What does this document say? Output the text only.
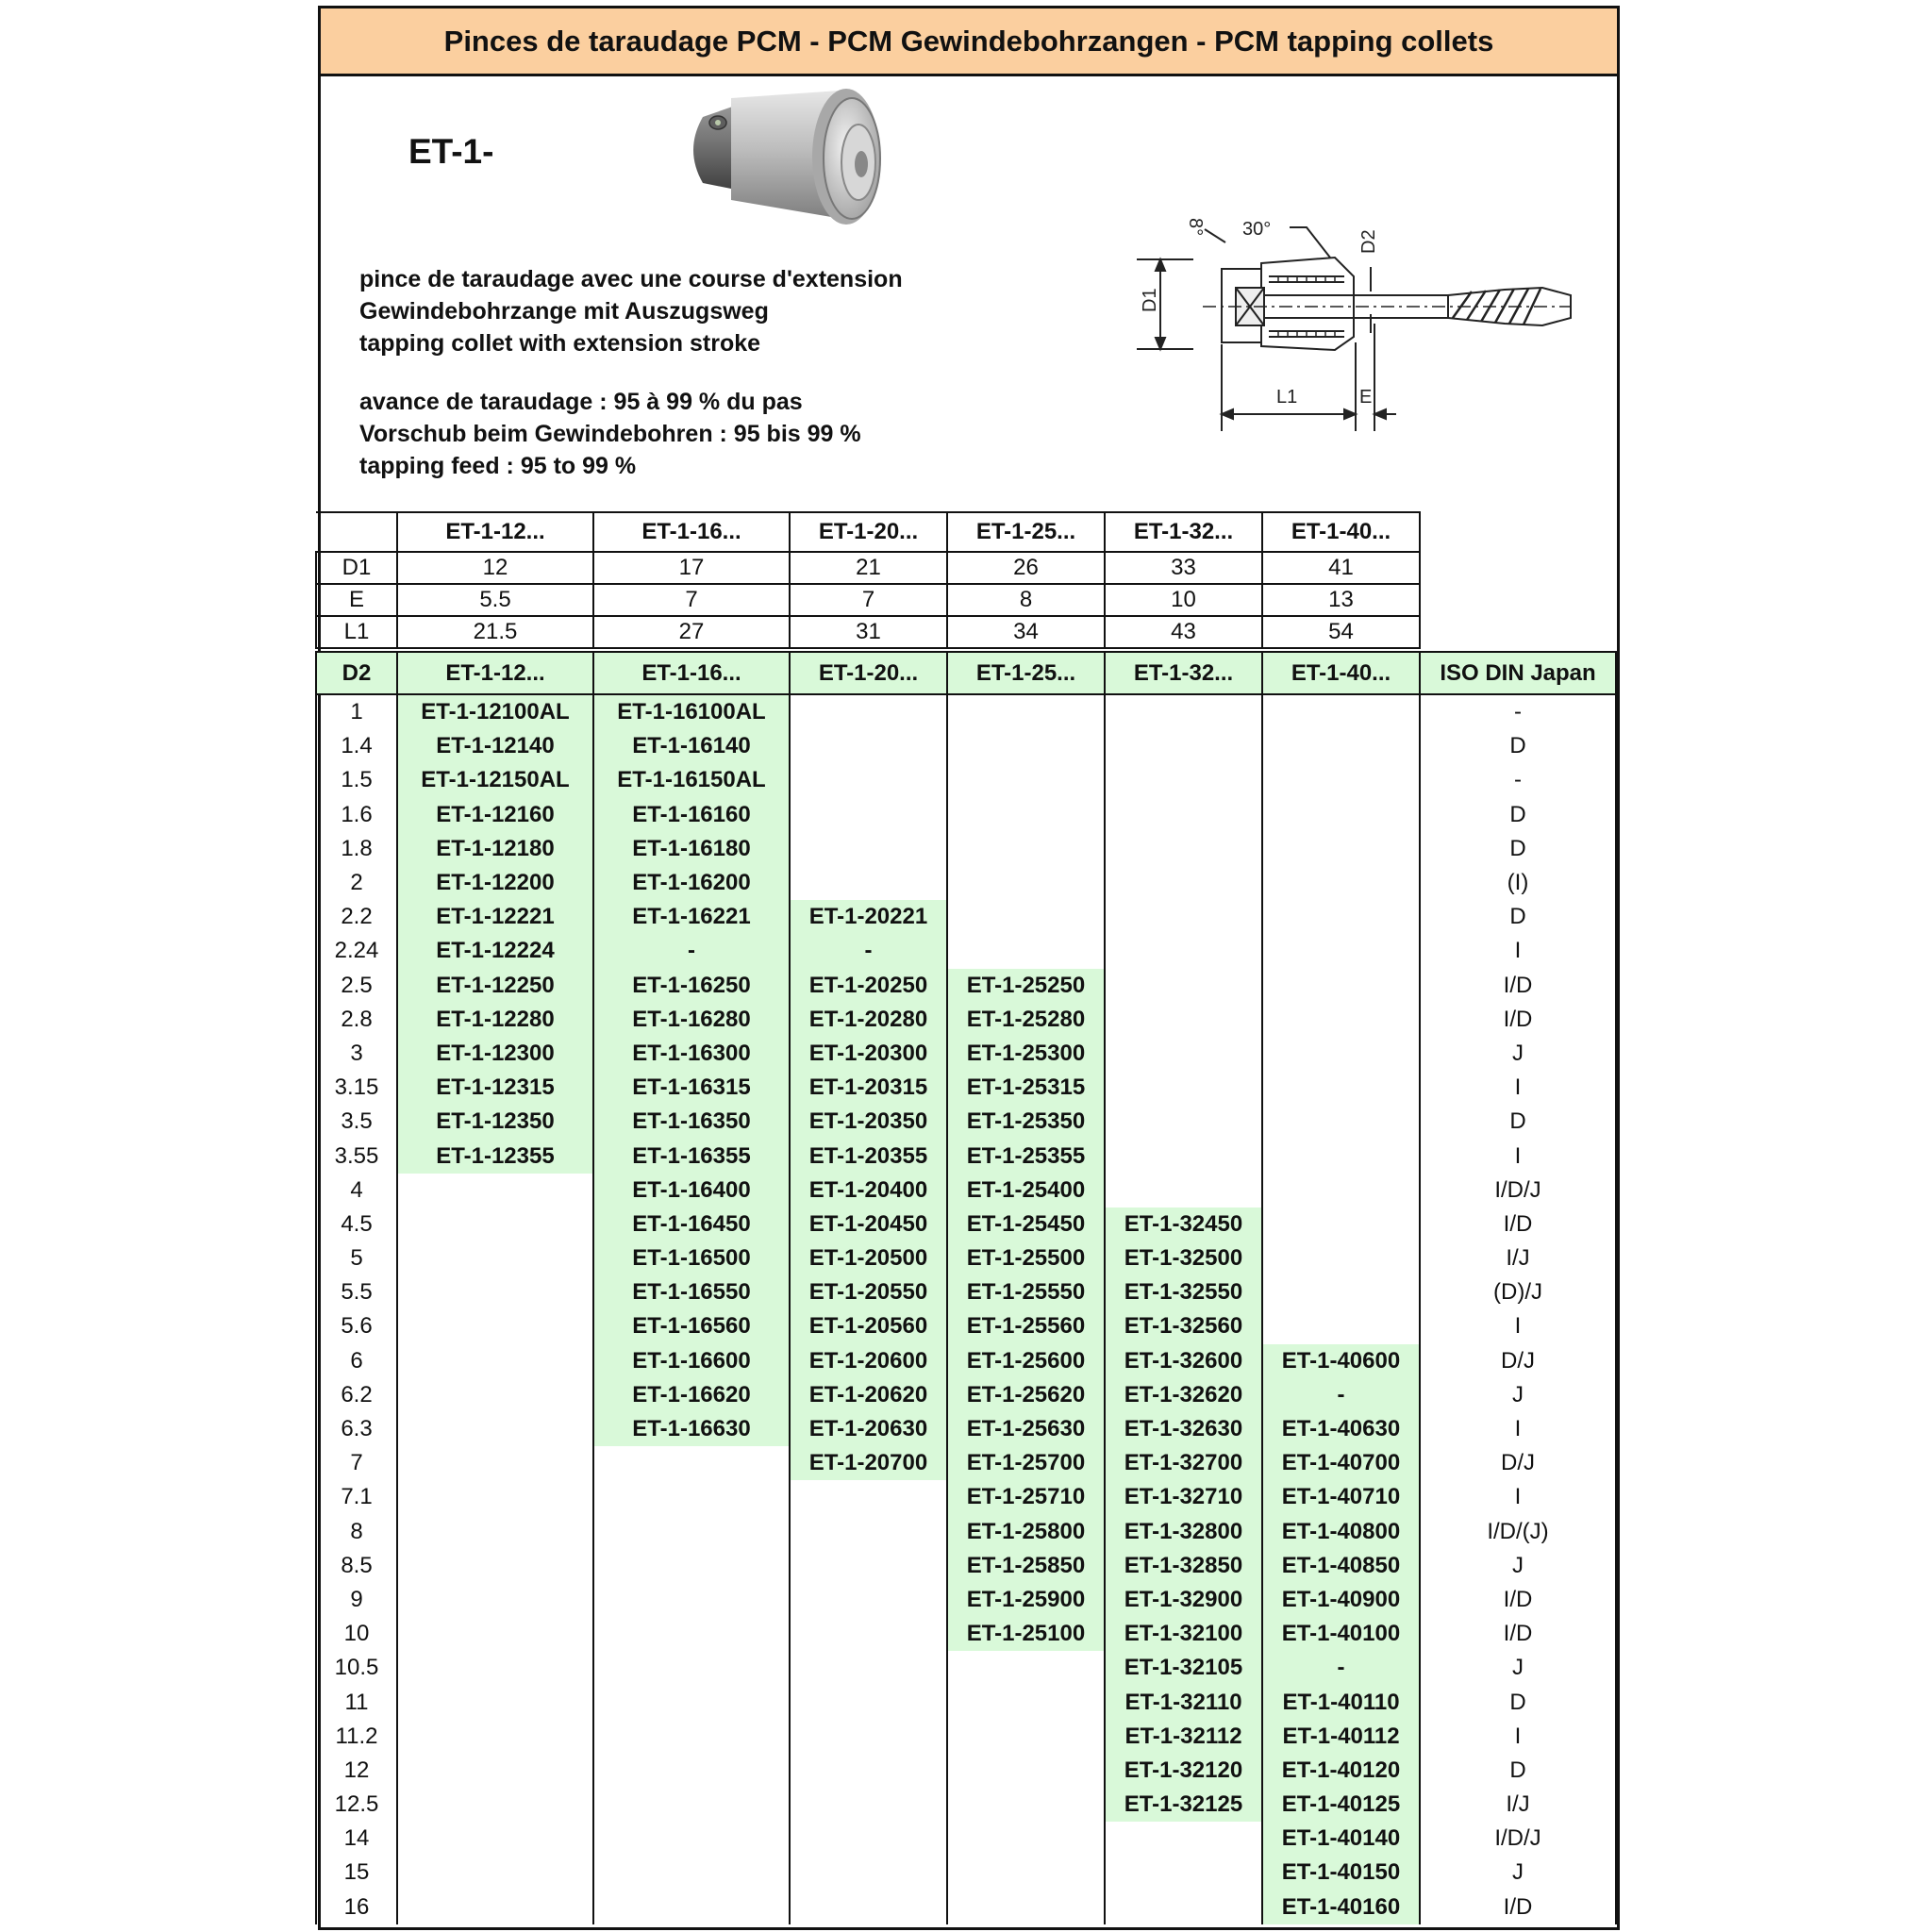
Pinces de taraudage PCM - PCM Gewindebohrzangen - PCM tapping collets
ET-1-
pince de taraudage avec une course d'extension
Gewindebohrzange mit Auszugsweg
tapping collet with extension stroke
avance de taraudage : 95 à 99 % du pas
Vorschub beim Gewindebohren : 95 bis 99 %
tapping feed : 95 to 99 %
8° 30°
D2
D1
L1	E
	ET-1-12...	ET-1-16...	ET-1-20...	ET-1-25...	ET-1-32...	ET-1-40...
D1	12	17	21	26	33	41
E	5.5	7	7	8	10	13
L1	21.5	27	31	34	43	54
D2	ET-1-12...	ET-1-16...	ET-1-20...	ET-1-25...	ET-1-32...	ET-1-40...	ISO DIN Japan
1	ET-1-12100AL	ET-1-16100AL					-
1.4	ET-1-12140	ET-1-16140					D
1.5	ET-1-12150AL	ET-1-16150AL					-
1.6	ET-1-12160	ET-1-16160					D
1.8	ET-1-12180	ET-1-16180					D
2	ET-1-12200	ET-1-16200					(I)
2.2	ET-1-12221	ET-1-16221	ET-1-20221				D
2.24	ET-1-12224	-	-				I
2.5	ET-1-12250	ET-1-16250	ET-1-20250	ET-1-25250			I/D
2.8	ET-1-12280	ET-1-16280	ET-1-20280	ET-1-25280			I/D
3	ET-1-12300	ET-1-16300	ET-1-20300	ET-1-25300			J
3.15	ET-1-12315	ET-1-16315	ET-1-20315	ET-1-25315			I
3.5	ET-1-12350	ET-1-16350	ET-1-20350	ET-1-25350			D
3.55	ET-1-12355	ET-1-16355	ET-1-20355	ET-1-25355			I
4		ET-1-16400	ET-1-20400	ET-1-25400			I/D/J
4.5		ET-1-16450	ET-1-20450	ET-1-25450	ET-1-32450		I/D
5		ET-1-16500	ET-1-20500	ET-1-25500	ET-1-32500		I/J
5.5		ET-1-16550	ET-1-20550	ET-1-25550	ET-1-32550		(D)/J
5.6		ET-1-16560	ET-1-20560	ET-1-25560	ET-1-32560		I
6		ET-1-16600	ET-1-20600	ET-1-25600	ET-1-32600	ET-1-40600	D/J
6.2		ET-1-16620	ET-1-20620	ET-1-25620	ET-1-32620	-	J
6.3		ET-1-16630	ET-1-20630	ET-1-25630	ET-1-32630	ET-1-40630	I
7			ET-1-20700	ET-1-25700	ET-1-32700	ET-1-40700	D/J
7.1				ET-1-25710	ET-1-32710	ET-1-40710	I
8				ET-1-25800	ET-1-32800	ET-1-40800	I/D/(J)
8.5				ET-1-25850	ET-1-32850	ET-1-40850	J
9				ET-1-25900	ET-1-32900	ET-1-40900	I/D
10				ET-1-25100	ET-1-32100	ET-1-40100	I/D
10.5					ET-1-32105	-	J
11					ET-1-32110	ET-1-40110	D
11.2					ET-1-32112	ET-1-40112	I
12					ET-1-32120	ET-1-40120	D
12.5					ET-1-32125	ET-1-40125	I/J
14						ET-1-40140	I/D/J
15						ET-1-40150	J
16						ET-1-40160	I/D
